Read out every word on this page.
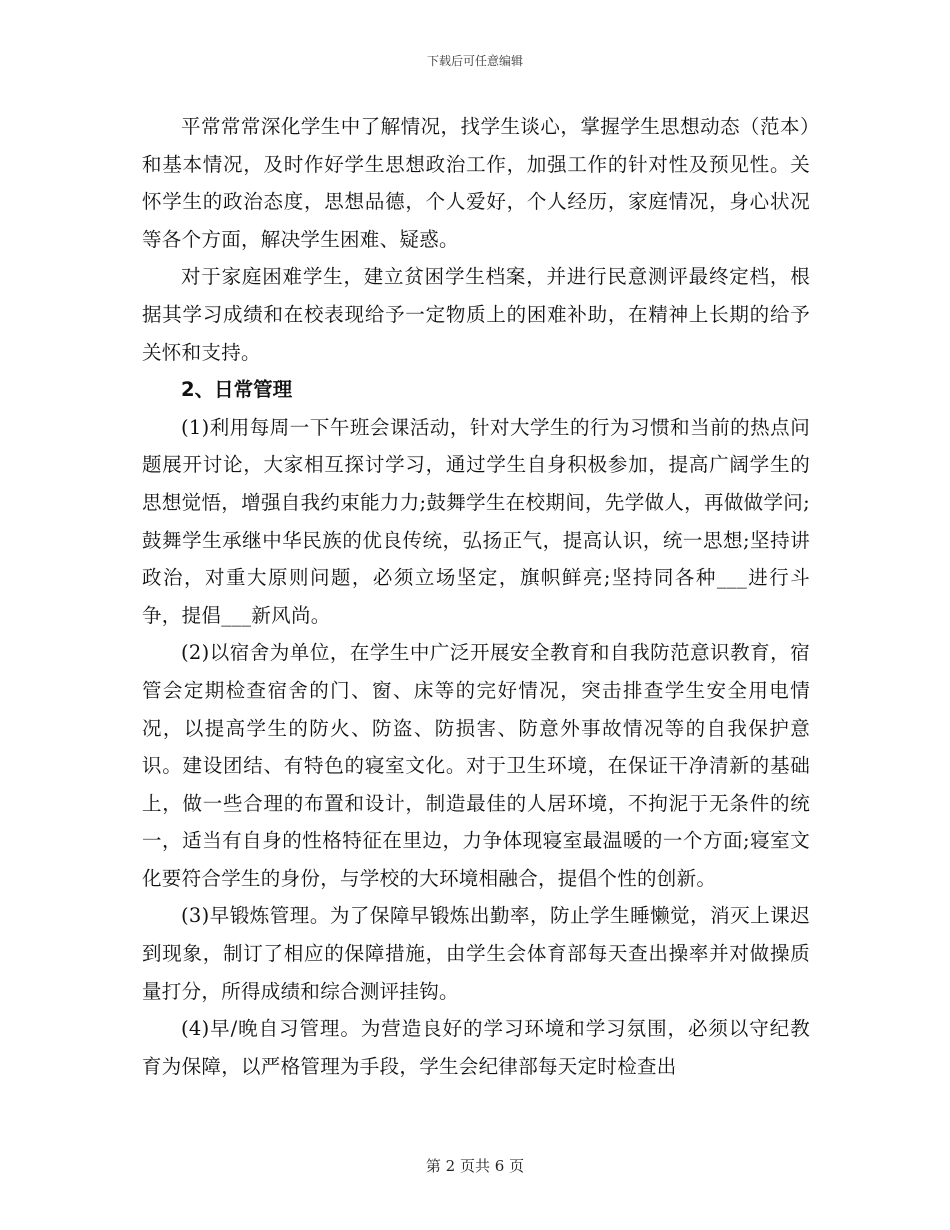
下载后可任意编辑

平常常常深化学生中了解情况，找学生谈心，掌握学生思想动态（范本）和基本情况，及时作好学生思想政治工作，加强工作的针对性及预见性。关怀学生的政治态度，思想品德，个人爱好，个人经历，家庭情况，身心状况等各个方面，解决学生困难、疑惑。

对于家庭困难学生，建立贫困学生档案，并进行民意测评最终定档，根据其学习成绩和在校表现给予一定物质上的困难补助，在精神上长期的给予关怀和支持。

2、日常管理

(1)利用每周一下午班会课活动，针对大学生的行为习惯和当前的热点问题展开讨论，大家相互探讨学习，通过学生自身积极参加，提高广阔学生的思想觉悟，增强自我约束能力力;鼓舞学生在校期间，先学做人，再做做学问;鼓舞学生承继中华民族的优良传统，弘扬正气，提高认识，统一思想;坚持讲政治，对重大原则问题，必须立场坚定，旗帜鲜亮;坚持同各种___进行斗争，提倡___新风尚。

(2)以宿舍为单位，在学生中广泛开展安全教育和自我防范意识教育，宿管会定期检查宿舍的门、窗、床等的完好情况，突击排查学生安全用电情况，以提高学生的防火、防盗、防损害、防意外事故情况等的自我保护意识。建设团结、有特色的寝室文化。对于卫生环境，在保证干净清新的基础上，做一些合理的布置和设计，制造最佳的人居环境，不拘泥于无条件的统一，适当有自身的性格特征在里边，力争体现寝室最温暖的一个方面;寝室文化要符合学生的身份，与学校的大环境相融合，提倡个性的创新。

(3)早锻炼管理。为了保障早锻炼出勤率，防止学生睡懒觉，消灭上课迟到现象，制订了相应的保障措施，由学生会体育部每天查出操率并对做操质量打分，所得成绩和综合测评挂钩。

(4)早/晚自习管理。为营造良好的学习环境和学习氛围，必须以守纪教育为保障，以严格管理为手段，学生会纪律部每天定时检查出

第 2 页共 6 页
